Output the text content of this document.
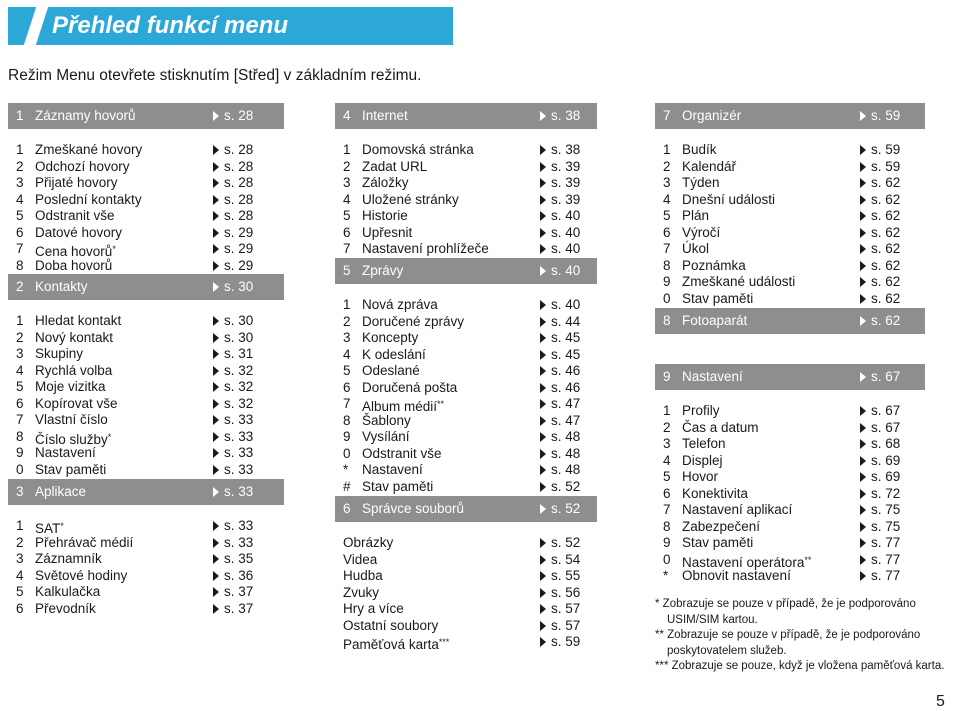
Přehled funkcí menu
Režim Menu otevřete stisknutím [Střed] v základním režimu.
1 Záznamy hovorů	s. 28
1 Zmeškané hovory	s. 28
2 Odchozí hovory	s. 28
3 Přijaté hovory	s. 28
4 Poslední kontakty	s. 28
5 Odstranit vše	s. 28
6 Datové hovory	s. 29
7 Cena hovorů*	s. 29
8 Doba hovorů	s. 29
2 Kontakty	s. 30
1 Hledat kontakt	s. 30
2 Nový kontakt	s. 30
3 Skupiny	s. 31
4 Rychlá volba	s. 32
5 Moje vizitka	s. 32
6 Kopírovat vše	s. 32
7 Vlastní číslo	s. 33
8 Číslo služby*	s. 33
9 Nastavení	s. 33
0 Stav paměti	s. 33
3 Aplikace	s. 33
1 SAT*	s. 33
2 Přehrávač médií	s. 33
3 Záznamník	s. 35
4 Světové hodiny	s. 36
5 Kalkulačka	s. 37
6 Převodník	s. 37
4 Internet	s. 38
1 Domovská stránka	s. 38
2 Zadat URL	s. 39
3 Záložky	s. 39
4 Uložené stránky	s. 39
5 Historie	s. 40
6 Upřesnit	s. 40
7 Nastavení prohlížeče	s. 40
5 Zprávy	s. 40
1 Nová zpráva	s. 40
2 Doručené zprávy	s. 44
3 Koncepty	s. 45
4 K odeslání	s. 45
5 Odeslané	s. 46
6 Doručená pošta	s. 46
7 Album médií**	s. 47
8 Šablony	s. 47
9 Vysílání	s. 48
0 Odstranit vše	s. 48
* Nastavení	s. 48
# Stav paměti	s. 52
6 Správce souborů	s. 52
Obrázky	s. 52
Videa	s. 54
Hudba	s. 55
Zvuky	s. 56
Hry a více	s. 57
Ostatní soubory	s. 57
Paměťová karta***	s. 59
7 Organizér	s. 59
1 Budík	s. 59
2 Kalendář	s. 59
3 Týden	s. 62
4 Dnešní události	s. 62
5 Plán	s. 62
6 Výročí	s. 62
7 Úkol	s. 62
8 Poznámka	s. 62
9 Zmeškané události	s. 62
0 Stav paměti	s. 62
8 Fotoaparát	s. 62
9 Nastavení	s. 67
1 Profily	s. 67
2 Čas a datum	s. 67
3 Telefon	s. 68
4 Displej	s. 69
5 Hovor	s. 69
6 Konektivita	s. 72
7 Nastavení aplikací	s. 75
8 Zabezpečení	s. 75
9 Stav paměti	s. 77
0 Nastavení operátora**	s. 77
* Obnovit nastavení	s. 77
* Zobrazuje se pouze v případě, že je podporováno USIM/SIM kartou.
** Zobrazuje se pouze v případě, že je podporováno poskytovatelem služeb.
*** Zobrazuje se pouze, když je vložena paměťová karta.
5
